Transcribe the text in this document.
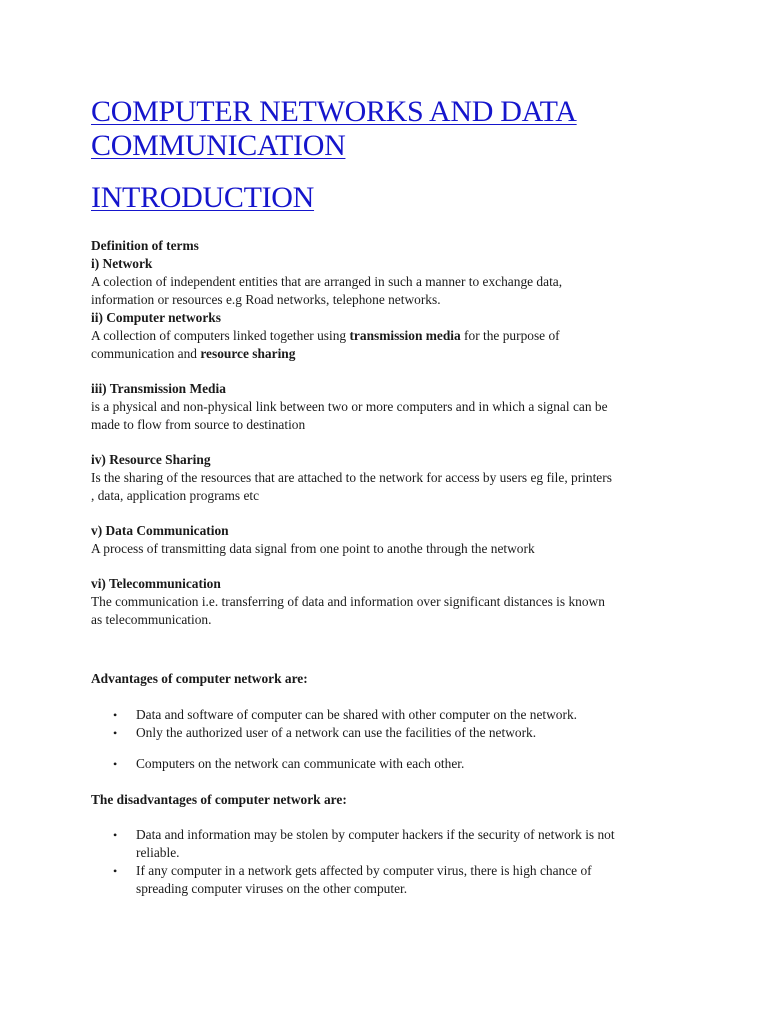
COMPUTER NETWORKS AND DATA
COMMUNICATION
INTRODUCTION
Definition of terms
i) Network
A colection of independent entities that are arranged in such a manner to exchange data,
information or resources e.g Road networks, telephone networks.
ii) Computer networks
A collection of computers linked together using transmission media for the purpose of
communication and resource sharing
iii) Transmission Media
is a physical and non-physical link between two or more computers and in which a signal can be
made to flow from source to destination
iv) Resource Sharing
Is the sharing of the resources that are attached to the network for access by users eg file, printers
, data, application programs etc
v) Data Communication
A process of transmitting data signal from one point to anothe through the network
vi) Telecommunication
The communication i.e. transferring of data and information over significant distances is known
as telecommunication.
Advantages of computer network are:
• Data and software of computer can be shared with other computer on the network.
• Only the authorized user of a network can use the facilities of the network.
• Computers on the network can communicate with each other.
The disadvantages of computer network are:
• Data and information may be stolen by computer hackers if the security of network is not
reliable.
• If any computer in a network gets affected by computer virus, there is high chance of
spreading computer viruses on the other computer.
